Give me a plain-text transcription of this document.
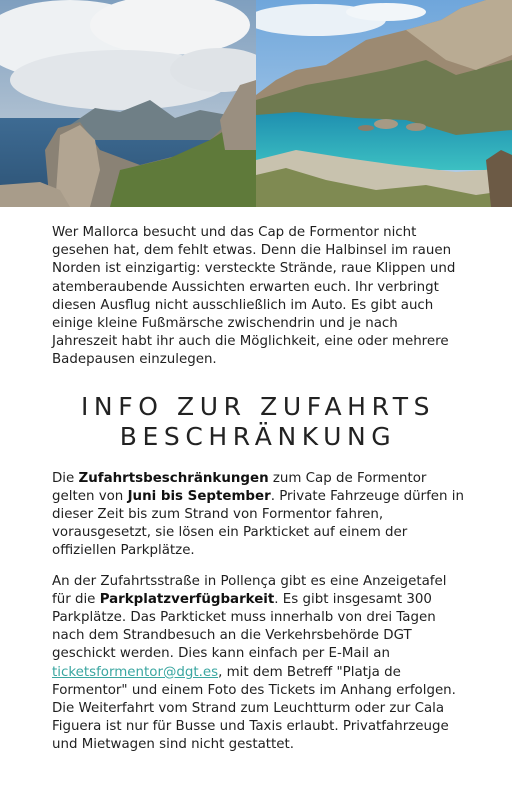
Wer Mallorca besucht und das Cap de Formentor nicht gesehen hat, dem fehlt etwas. Denn die Halbinsel im rauen Norden ist einzigartig: versteckte Strände, raue Klippen und atemberaubende Aussichten erwarten euch. Ihr verbringt diesen Ausflug nicht ausschließlich im Auto. Es gibt auch einige kleine Fußmärsche zwischendrin und je nach Jahreszeit habt ihr auch die Möglichkeit, eine oder mehrere Badepausen einzulegen.

INFO ZUR ZUFAHRTS
BESCHRÄNKUNG

Die Zufahrtsbeschränkungen zum Cap de Formentor gelten von Juni bis September. Private Fahrzeuge dürfen in dieser Zeit bis zum Strand von Formentor fahren, vorausgesetzt, sie lösen ein Parkticket auf einem der offiziellen Parkplätze.

An der Zufahrtsstraße in Pollença gibt es eine Anzeigetafel für die Parkplatzverfügbarkeit. Es gibt insgesamt 300 Parkplätze. Das Parkticket muss innerhalb von drei Tagen nach dem Strandbesuch an die Verkehrsbehörde DGT geschickt werden. Dies kann einfach per E-Mail an ticketsformentor@dgt.es, mit dem Betreff "Platja de Formentor" und einem Foto des Tickets im Anhang erfolgen. Die Weiterfahrt vom Strand zum Leuchtturm oder zur Cala Figuera ist nur für Busse und Taxis erlaubt. Privatfahrzeuge und Mietwagen sind nicht gestattet.
